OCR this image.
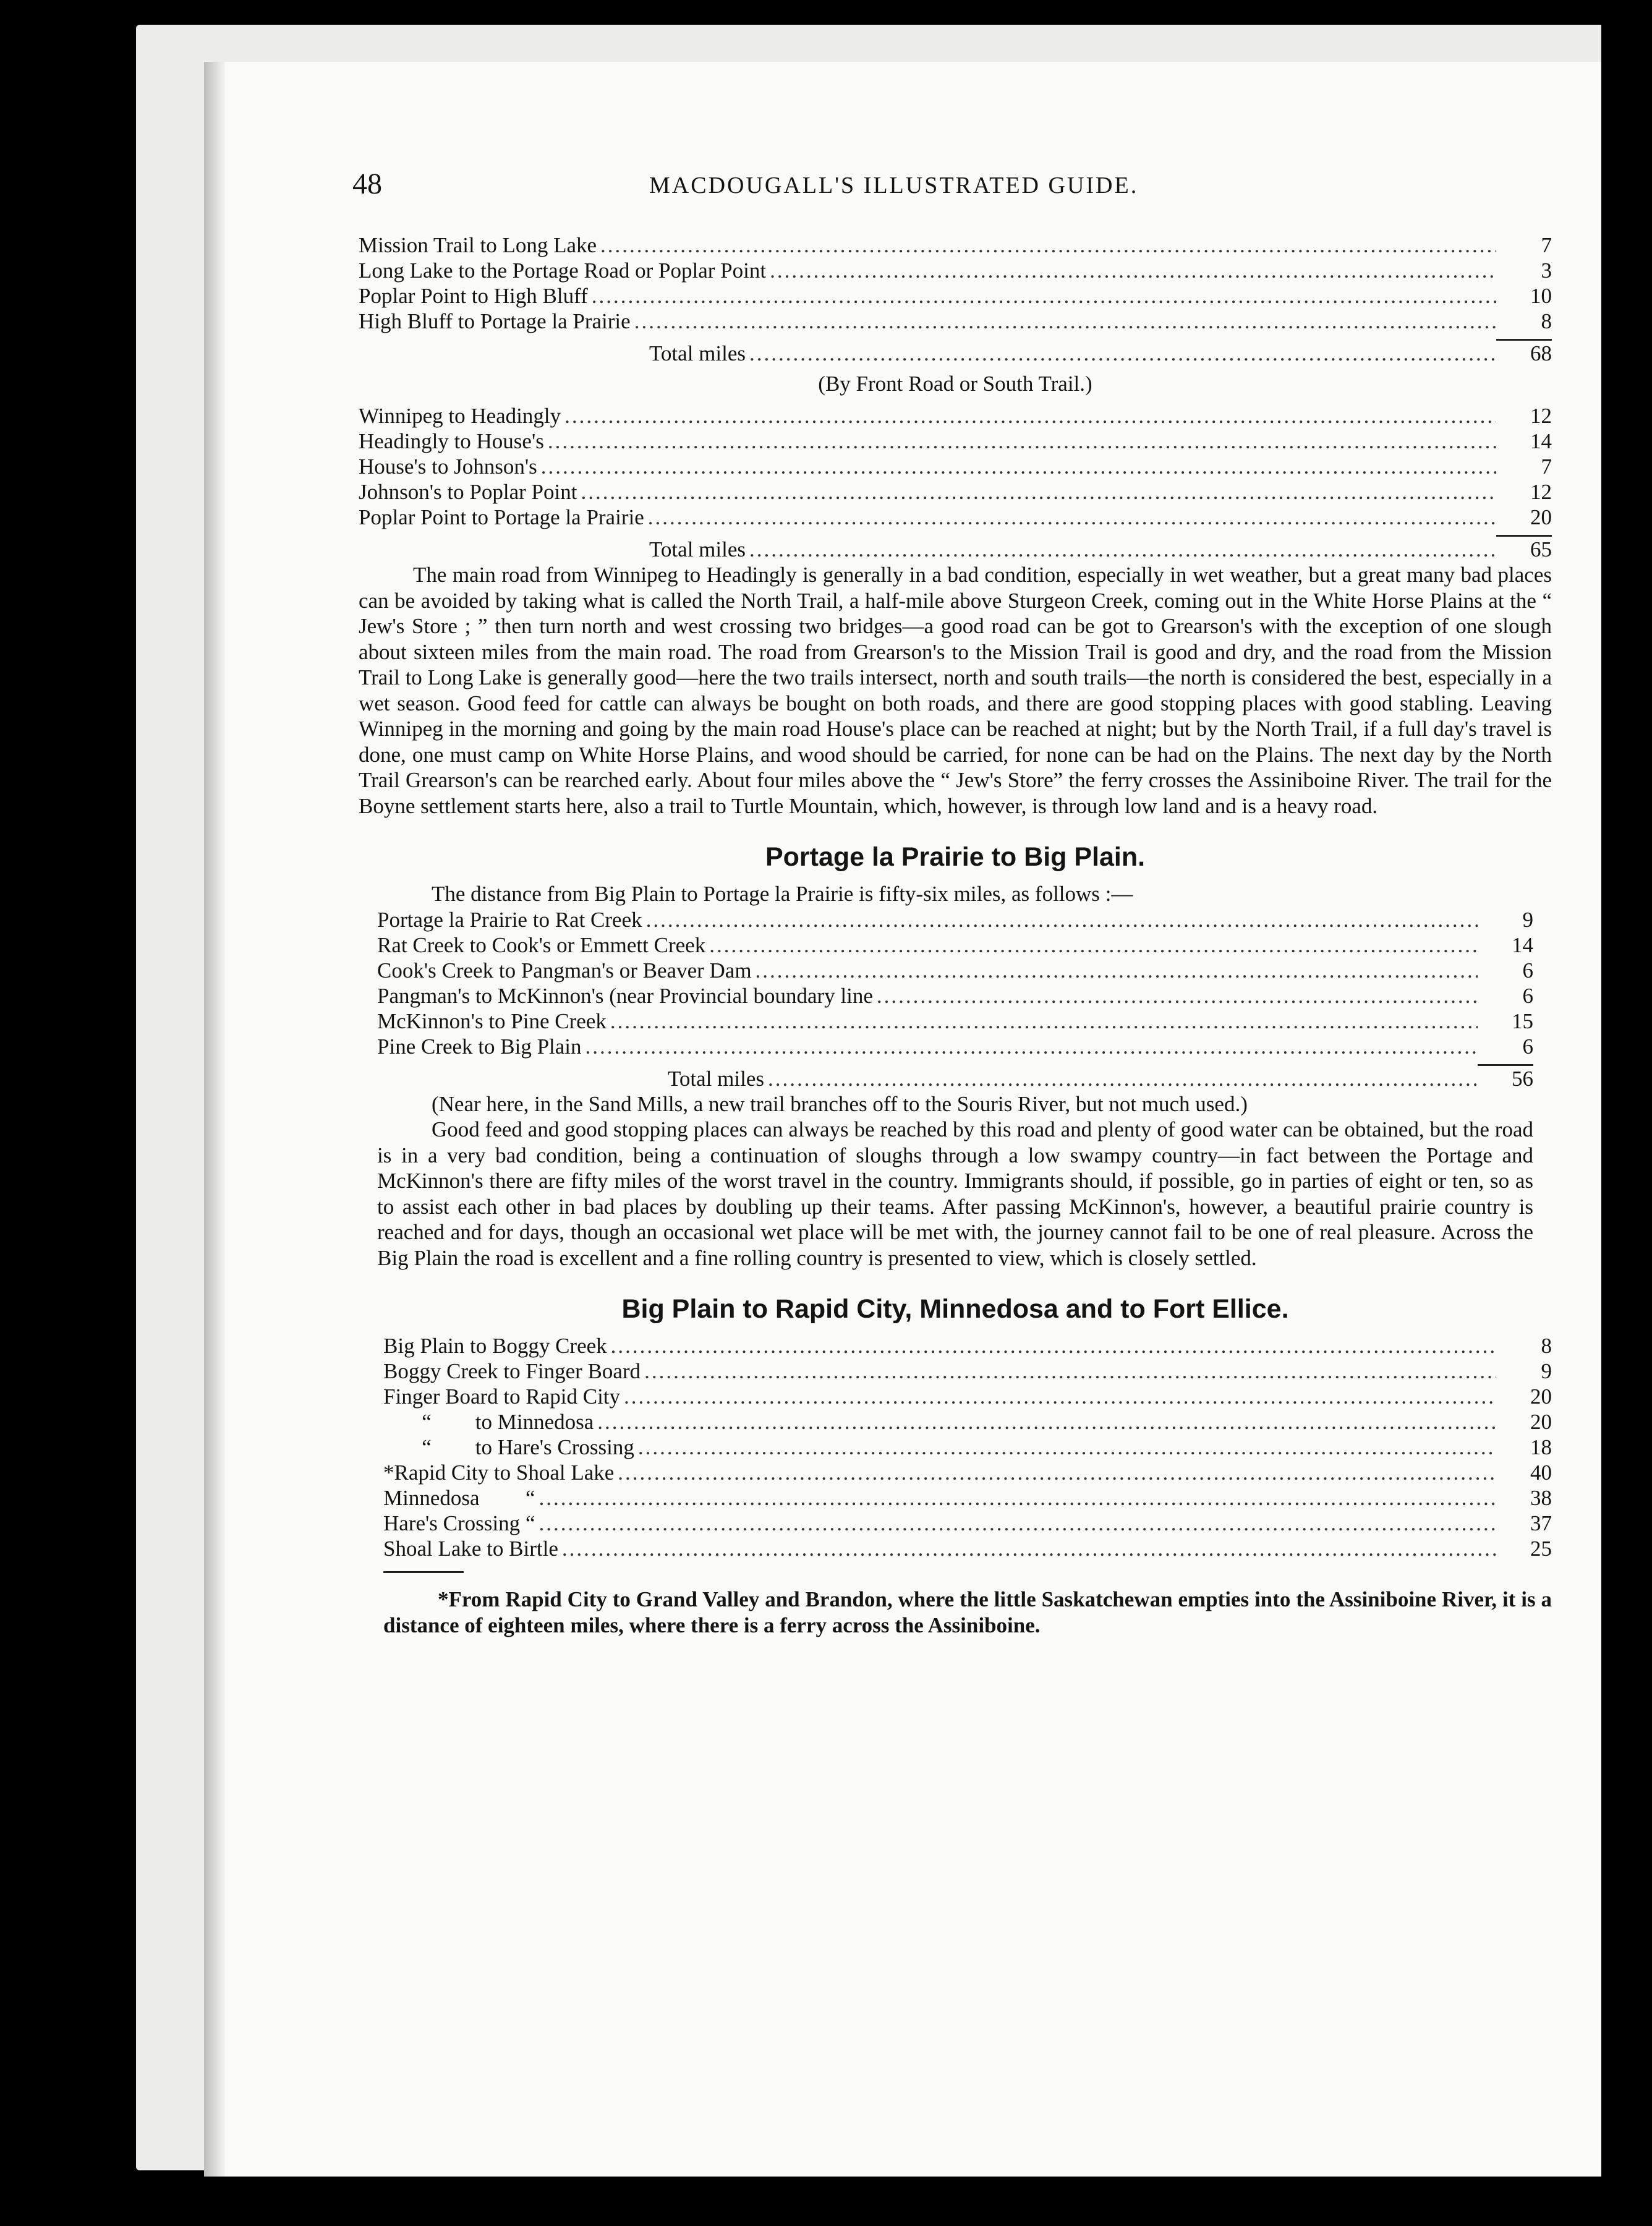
48	MACDOUGALL'S ILLUSTRATED GUIDE.
Mission Trail to Long Lake .....	7
Long Lake to the Portage Road or Poplar Point .....	3
Poplar Point to High Bluff .....	10
High Bluff to Portage la Prairie .....	8
Total miles .....	68
(By Front Road or South Trail.)
Winnipeg to Headingly .....	12
Headingly to House's .....	14
House's to Johnson's .....	7
Johnson's to Poplar Point .....	12
Poplar Point to Portage la Prairie .....	20
Total miles .....	65

The main road from Winnipeg to Headingly is generally in a bad condition, especially in wet weather, but a great many bad places can be avoided by taking what is called the North Trail, a half-mile above Sturgeon Creek, coming out in the White Horse Plains at the “ Jew's Store ; ” then turn north and west crossing two bridges—a good road can be got to Grearson's with the exception of one slough about sixteen miles from the main road. The road from Grearson's to the Mission Trail is good and dry, and the road from the Mission Trail to Long Lake is generally good—here the two trails intersect, north and south trails—the north is considered the best, especially in a wet season. Good feed for cattle can always be bought on both roads, and there are good stopping places with good stabling. Leaving Winnipeg in the morning and going by the main road House's place can be reached at night; but by the North Trail, if a full day's travel is done, one must camp on White Horse Plains, and wood should be carried, for none can be had on the Plains. The next day by the North Trail Grearson's can be rearched early. About four miles above the “ Jew's Store” the ferry crosses the Assiniboine River. The trail for the Boyne settlement starts here, also a trail to Turtle Mountain, which, however, is through low land and is a heavy road.

Portage la Prairie to Big Plain.

The distance from Big Plain to Portage la Prairie is fifty-six miles, as follows :—

Portage la Prairie to Rat Creek .....	9
Rat Creek to Cook's or Emmett Creek .....	14
Cook's Creek to Pangman's or Beaver Dam .....	6
Pangman's to McKinnon's (near Provincial boundary line .....	6
McKinnon's to Pine Creek .....	15
Pine Creek to Big Plain .....	6
Total miles .....	56

(Near here, in the Sand Mills, a new trail branches off to the Souris River, but not much used.)

Good feed and good stopping places can always be reached by this road and plenty of good water can be obtained, but the road is in a very bad condition, being a continuation of sloughs through a low swampy country—in fact between the Portage and McKinnon's there are fifty miles of the worst travel in the country. Immigrants should, if possible, go in parties of eight or ten, so as to assist each other in bad places by doubling up their teams. After passing McKinnon's, however, a beautiful prairie country is reached and for days, though an occasional wet place will be met with, the journey cannot fail to be one of real pleasure. Across the Big Plain the road is excellent and a fine rolling country is presented to view, which is closely settled.

Big Plain to Rapid City, Minnedosa and to Fort Ellice.
Big Plain to Boggy Creek .....	8
Boggy Creek to Finger Board .....	9
Finger Board to Rapid City .....	20
“ to Minnedosa .....	20
“ to Hare's Crossing .....	18
*Rapid City to Shoal Lake .....	40
Minnedosa “ .....	38
Hare's Crossing “ .....	37
Shoal Lake to Birtle .....	25
*From Rapid City to Grand Valley and Brandon, where the little Saskatchewan empties into the Assiniboine River, it is a distance of eighteen miles, where there is a ferry across the Assiniboine.
